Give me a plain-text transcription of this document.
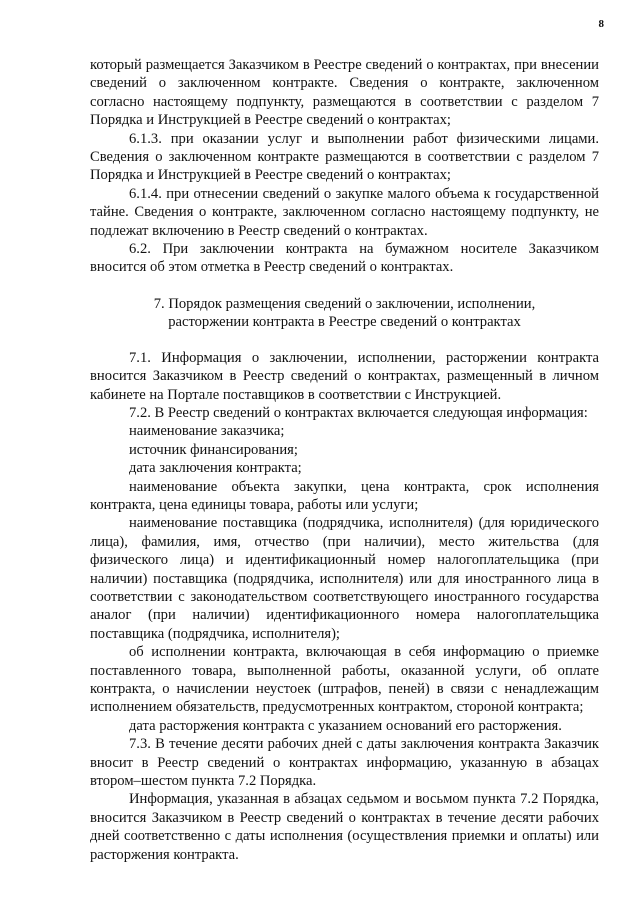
8

который размещается Заказчиком в Реестре сведений о контрактах, при внесении сведений о заключенном контракте. Сведения о контракте, заключенном согласно настоящему подпункту, размещаются в соответствии с разделом 7 Порядка и Инструкцией в Реестре сведений о контрактах;

6.1.3. при оказании услуг и выполнении работ физическими лицами. Сведения о заключенном контракте размещаются в соответствии с разделом 7 Порядка и Инструкцией в Реестре сведений о контрактах;

6.1.4. при отнесении сведений о закупке малого объема к государственной тайне. Сведения о контракте, заключенном согласно настоящему подпункту, не подлежат включению в Реестр сведений о контрактах.

6.2. При заключении контракта на бумажном носителе Заказчиком вносится об этом отметка в Реестр сведений о контрактах.

7. Порядок размещения сведений о заключении, исполнении, расторжении контракта в Реестре сведений о контрактах

7.1. Информация о заключении, исполнении, расторжении контракта вносится Заказчиком в Реестр сведений о контрактах, размещенный в личном кабинете на Портале поставщиков в соответствии с Инструкцией.

7.2. В Реестр сведений о контрактах включается следующая информация:

наименование заказчика;

источник финансирования;

дата заключения контракта;

наименование объекта закупки, цена контракта, срок исполнения контракта, цена единицы товара, работы или услуги;

наименование поставщика (подрядчика, исполнителя) (для юридического лица), фамилия, имя, отчество (при наличии), место жительства (для физического лица) и идентификационный номер налогоплательщика (при наличии) поставщика (подрядчика, исполнителя) или для иностранного лица в соответствии с законодательством соответствующего иностранного государства аналог (при наличии) идентификационного номера налогоплательщика поставщика (подрядчика, исполнителя);

об исполнении контракта, включающая в себя информацию о приемке поставленного товара, выполненной работы, оказанной услуги, об оплате контракта, о начислении неустоек (штрафов, пеней) в связи с ненадлежащим исполнением обязательств, предусмотренных контрактом, стороной контракта;

дата расторжения контракта с указанием оснований его расторжения.

7.3. В течение десяти рабочих дней с даты заключения контракта Заказчик вносит в Реестр сведений о контрактах информацию, указанную в абзацах втором–шестом пункта 7.2 Порядка.

Информация, указанная в абзацах седьмом и восьмом пункта 7.2 Порядка, вносится Заказчиком в Реестр сведений о контрактах в течение десяти рабочих дней соответственно с даты исполнения (осуществления приемки и оплаты) или расторжения контракта.
